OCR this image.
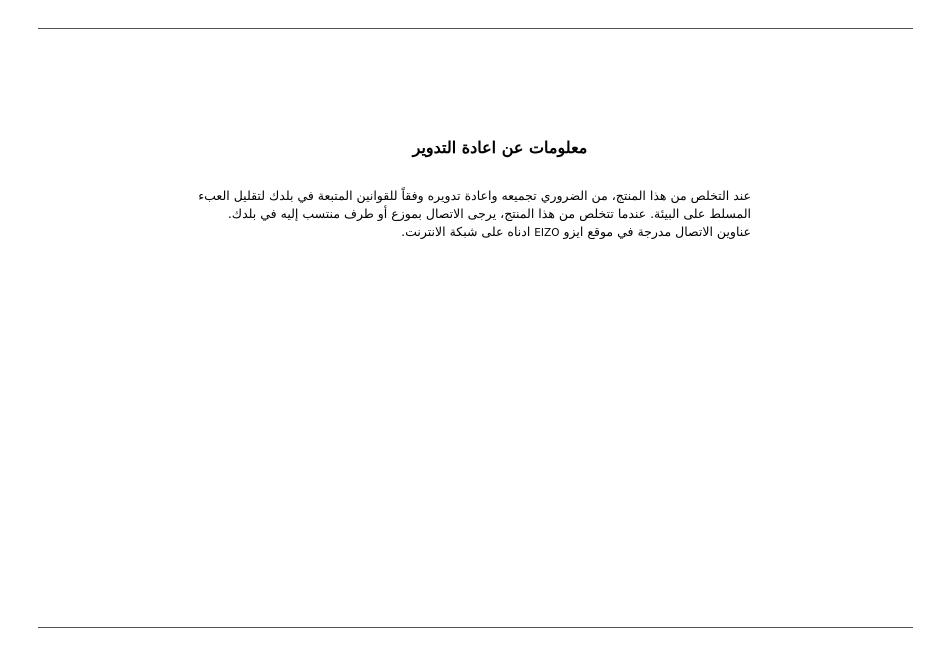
معلومات عن اعادة التدوير

عند التخلص من هذا المنتج، من الضروري تجميعه واعادة تدويره وفقاً للقوانين المتبعة في بلدك لتقليل العبء
المسلط على البيئة. عندما تتخلص من هذا المنتج، يرجى الاتصال بموزع أو طرف منتسب إليه في بلدك.
عناوين الاتصال مدرجة في موقع ايزو EIZO ادناه على شبكة الانترنت.
